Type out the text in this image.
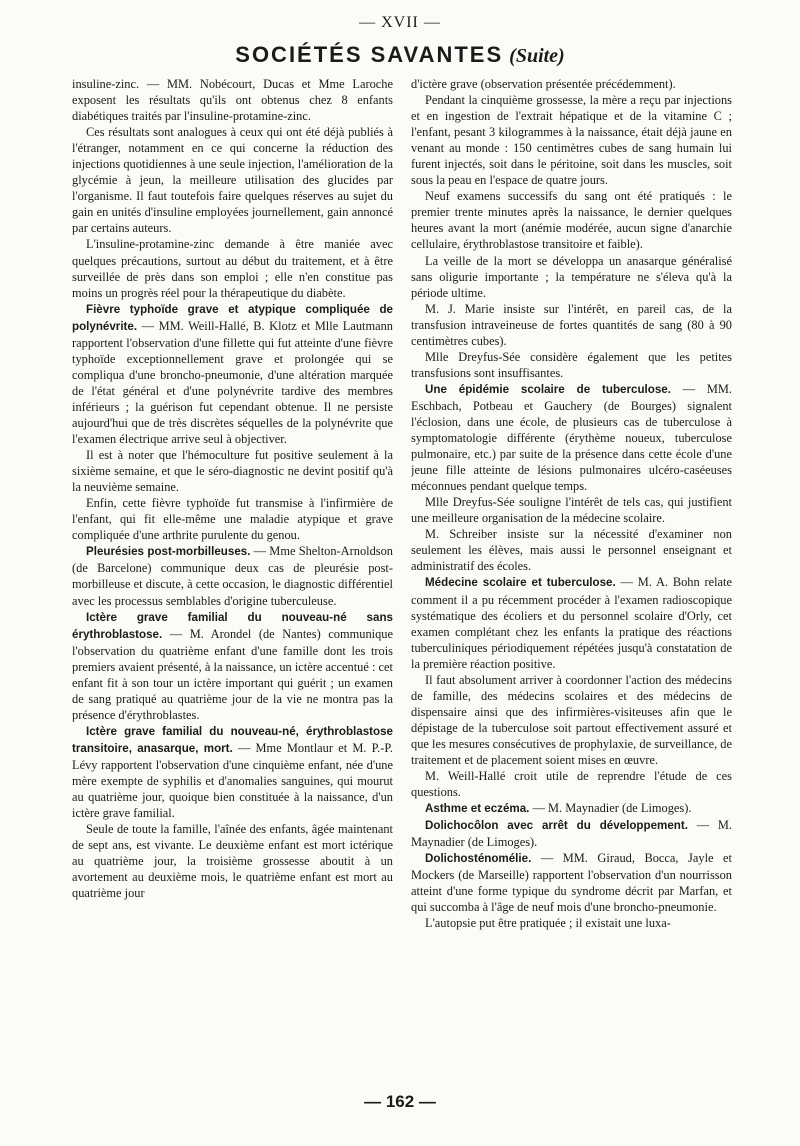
— XVII —
SOCIÉTÉS SAVANTES (Suite)

insuline-zinc. — MM. Nobécourt, Ducas et Mme Laroche exposent les résultats qu'ils ont obtenus chez 8 enfants diabétiques traités par l'insuline-protamine-zinc.

Ces résultats sont analogues à ceux qui ont été déjà publiés à l'étranger, notamment en ce qui concerne la réduction des injections quotidiennes à une seule injection, l'amélioration de la glycémie à jeun, la meilleure utilisation des glucides par l'organisme. Il faut toutefois faire quelques réserves au sujet du gain en unités d'insuline employées journellement, gain annoncé par certains auteurs.

L'insuline-protamine-zinc demande à être maniée avec quelques précautions, surtout au début du traitement, et à être surveillée de près dans son emploi ; elle n'en constitue pas moins un progrès réel pour la thérapeutique du diabète.

Fièvre typhoïde grave et atypique compliquée de polynévrite. — MM. Weill-Hallé, B. Klotz et Mlle Lautmann rapportent l'observation d'une fillette qui fut atteinte d'une fièvre typhoïde exceptionnellement grave et prolongée qui se compliqua d'une broncho-pneumonie, d'une altération marquée de l'état général et d'une polynévrite tardive des membres inférieurs ; la guérison fut cependant obtenue. Il ne persiste aujourd'hui que de très discrètes séquelles de la polynévrite que l'examen électrique arrive seul à objectiver.

Il est à noter que l'hémoculture fut positive seulement à la sixième semaine, et que le séro-diagnostic ne devint positif qu'à la neuvième semaine.

Enfin, cette fièvre typhoïde fut transmise à l'infirmière de l'enfant, qui fit elle-même une maladie atypique et grave compliquée d'une arthrite purulente du genou.

Pleurésies post-morbilleuses. — Mme Shelton-Arnoldson (de Barcelone) communique deux cas de pleurésie post-morbilleuse et discute, à cette occasion, le diagnostic différentiel avec les processus semblables d'origine tuberculeuse.

Ictère grave familial du nouveau-né sans érythroblastose. — M. Arondel (de Nantes) communique l'observation du quatrième enfant d'une famille dont les trois premiers avaient présenté, à la naissance, un ictère accentué : cet enfant fit à son tour un ictère important qui guérit ; un examen de sang pratiqué au quatrième jour de la vie ne montra pas la présence d'érythroblastes.

Ictère grave familial du nouveau-né, érythroblastose transitoire, anasarque, mort. — Mme Montlaur et M. P.-P. Lévy rapportent l'observation d'une cinquième enfant, née d'une mère exempte de syphilis et d'anomalies sanguines, qui mourut au quatrième jour, quoique bien constituée à la naissance, d'un ictère grave familial.

Seule de toute la famille, l'aînée des enfants, âgée maintenant de sept ans, est vivante. Le deuxième enfant est mort ictérique au quatrième jour, la troisième grossesse aboutit à un avortement au deuxième mois, le quatrième enfant est mort au quatrième jour

d'ictère grave (observation présentée précédemment).

Pendant la cinquième grossesse, la mère a reçu par injections et en ingestion de l'extrait hépatique et de la vitamine C ; l'enfant, pesant 3 kilogrammes à la naissance, était déjà jaune en venant au monde : 150 centimètres cubes de sang humain lui furent injectés, soit dans le péritoine, soit dans les muscles, soit sous la peau en l'espace de quatre jours.

Neuf examens successifs du sang ont été pratiqués : le premier trente minutes après la naissance, le dernier quelques heures avant la mort (anémie modérée, aucun signe d'anarchie cellulaire, érythroblastose transitoire et faible).

La veille de la mort se développa un anasarque généralisé sans oligurie importante ; la température ne s'éleva qu'à la période ultime.

M. J. Marie insiste sur l'intérêt, en pareil cas, de la transfusion intraveineuse de fortes quantités de sang (80 à 90 centimètres cubes).

Mlle Dreyfus-Sée considère également que les petites transfusions sont insuffisantes.

Une épidémie scolaire de tuberculose. — MM. Eschbach, Potbeau et Gauchery (de Bourges) signalent l'éclosion, dans une école, de plusieurs cas de tuberculose à symptomatologie différente (érythème noueux, tuberculose pulmonaire, etc.) par suite de la présence dans cette école d'une jeune fille atteinte de lésions pulmonaires ulcéro-caséeuses méconnues pendant quelque temps.

Mlle Dreyfus-Sée souligne l'intérêt de tels cas, qui justifient une meilleure organisation de la médecine scolaire.

M. Schreiber insiste sur la nécessité d'examiner non seulement les élèves, mais aussi le personnel enseignant et administratif des écoles.

Médecine scolaire et tuberculose. — M. A. Bohn relate comment il a pu récemment procéder à l'examen radioscopique systématique des écoliers et du personnel scolaire d'Orly, cet examen complétant chez les enfants la pratique des réactions tuberculiniques périodiquement répétées jusqu'à constatation de la première réaction positive.

Il faut absolument arriver à coordonner l'action des médecins de famille, des médecins scolaires et des médecins de dispensaire ainsi que des infirmières-visiteuses afin que le dépistage de la tuberculose soit partout effectivement assuré et que les mesures consécutives de prophylaxie, de surveillance, de traitement et de placement soient mises en œuvre.

M. Weill-Hallé croit utile de reprendre l'étude de ces questions.

Asthme et eczéma. — M. Maynadier (de Limoges).

Dolichocôlon avec arrêt du développement. — M. Maynadier (de Limoges).

Dolichosténomélie. — MM. Giraud, Bocca, Jayle et Mockers (de Marseille) rapportent l'observation d'un nourrisson atteint d'une forme typique du syndrome décrit par Marfan, et qui succomba à l'âge de neuf mois d'une broncho-pneumonie.

L'autopsie put être pratiquée ; il existait une luxa-

— 162 —
